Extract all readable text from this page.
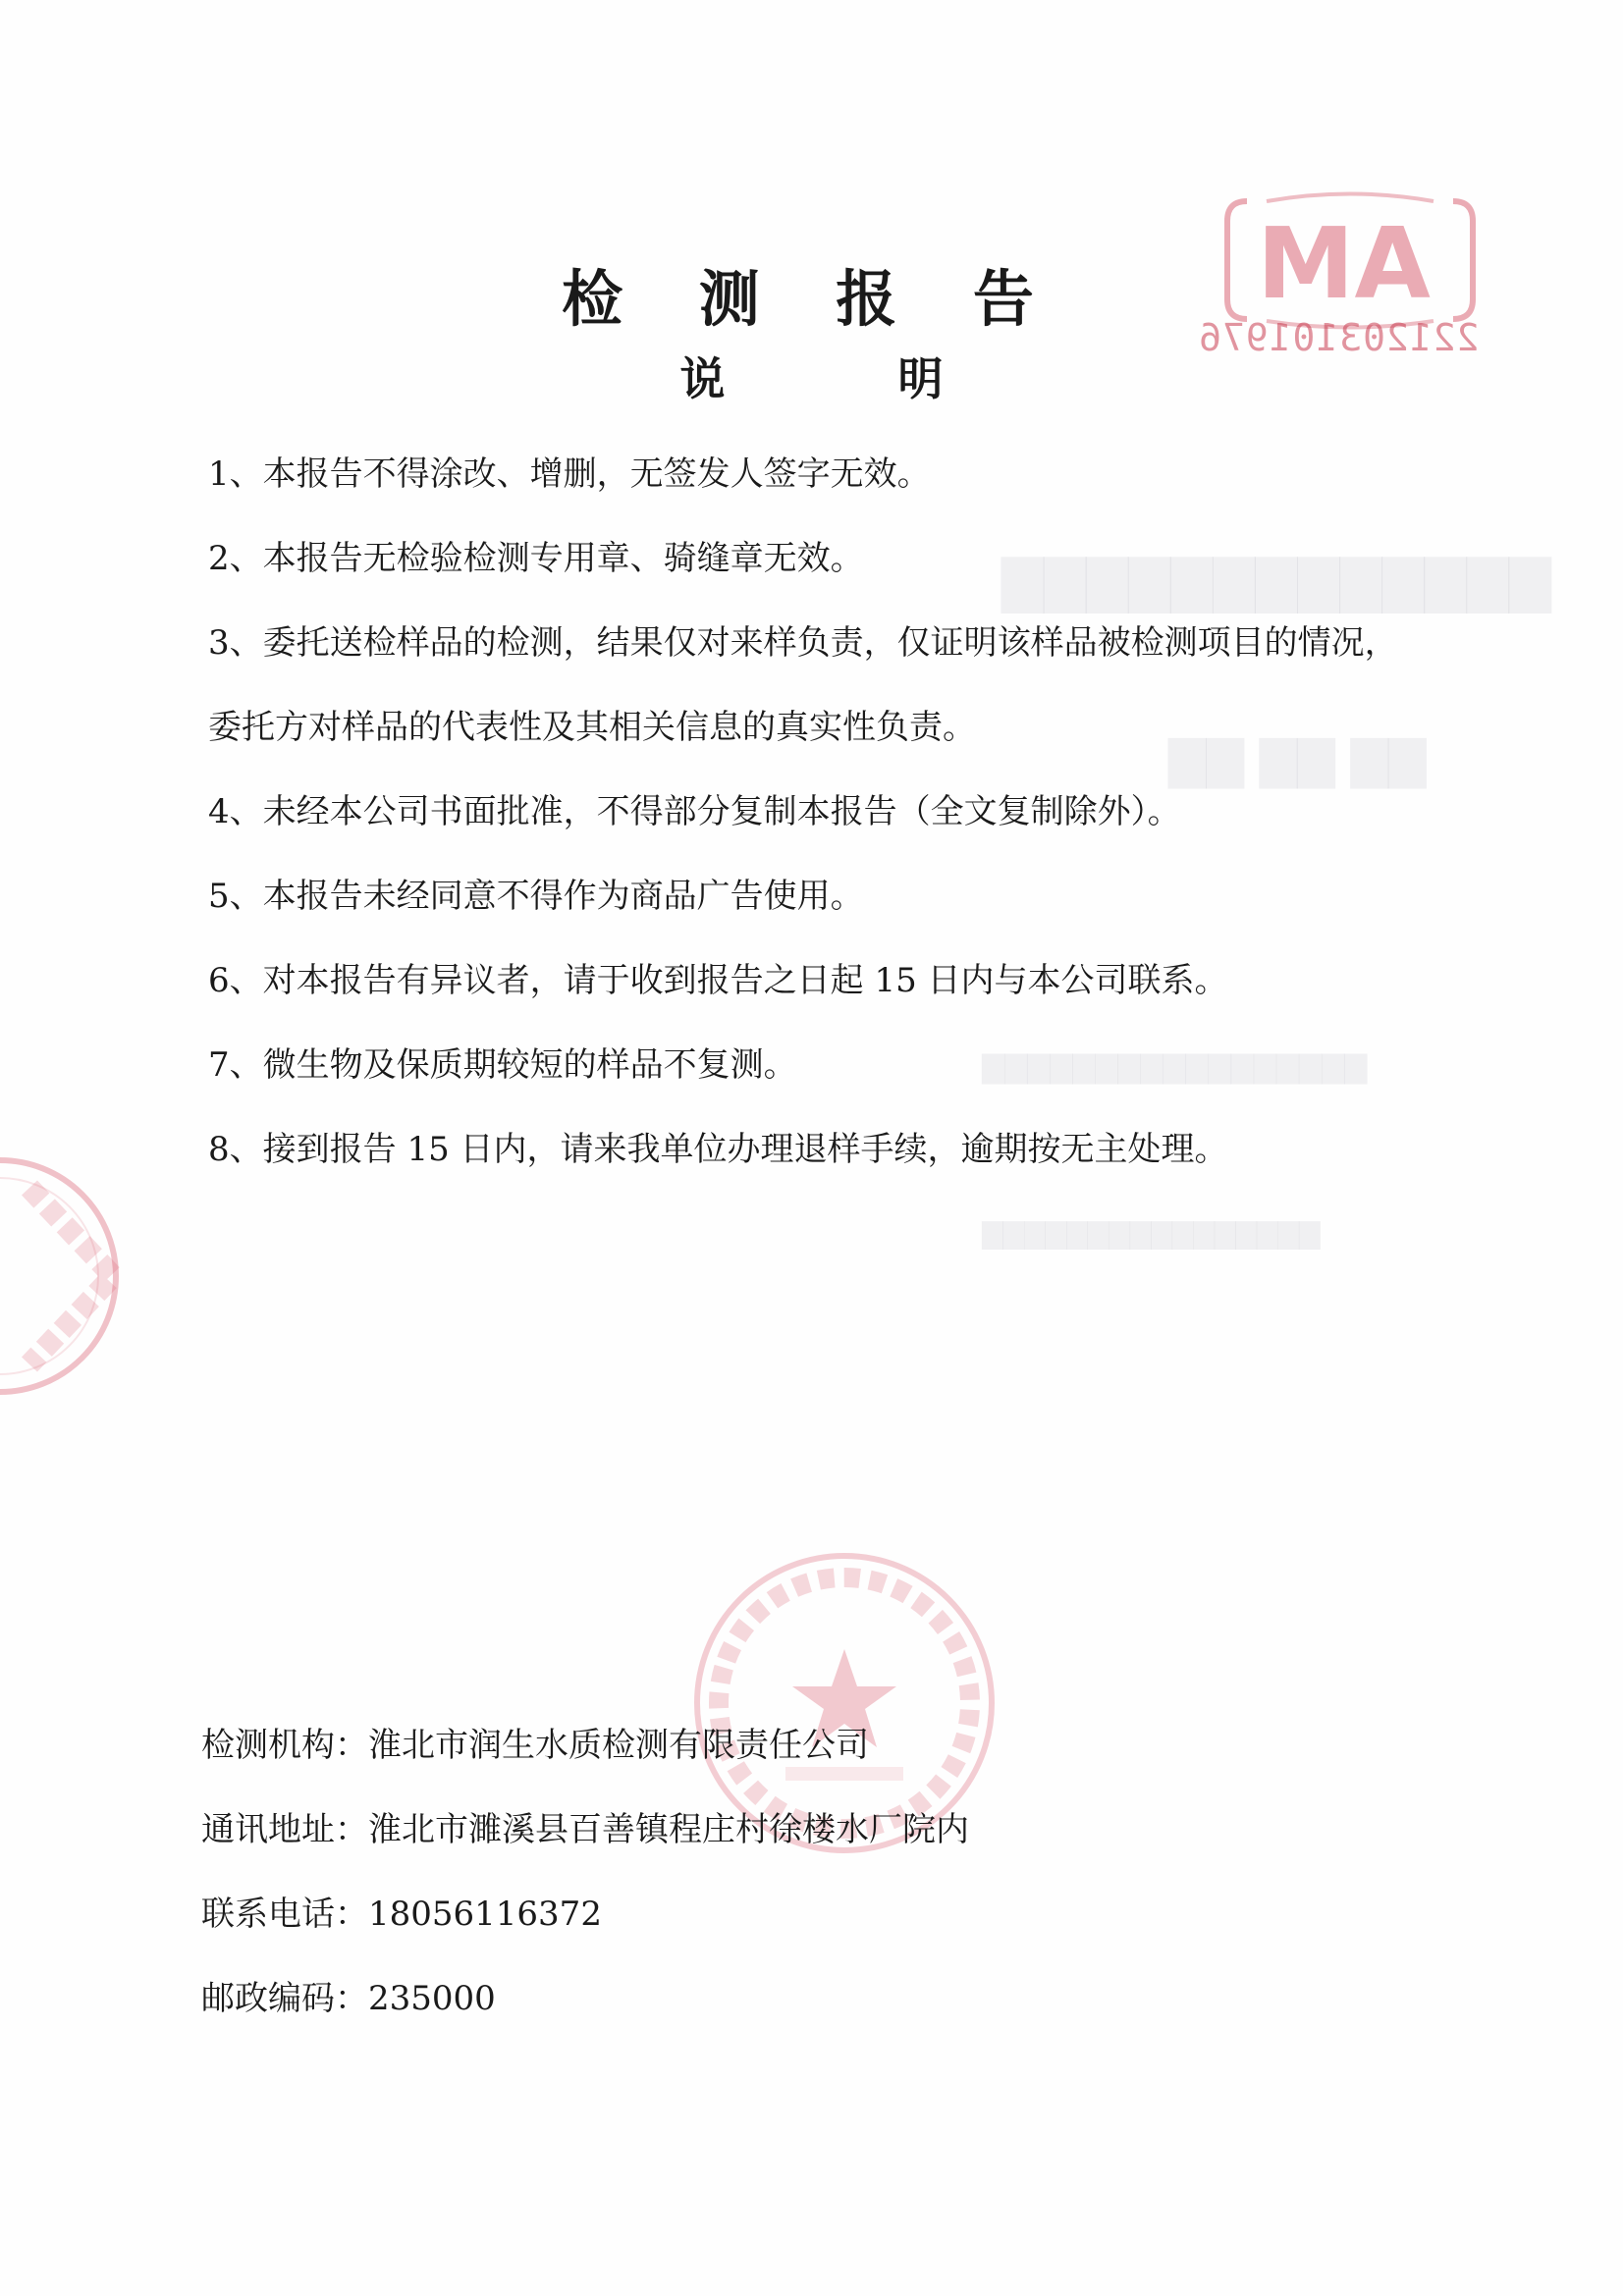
▇▇▇▇▇▇▇▇▇▇▇▇▇
▇▇ ▇▇ ▇▇
▇▇▇▇▇▇▇▇▇▇▇▇▇▇▇▇▇
▇▇▇▇▇▇▇▇▇▇▇▇▇▇▇▇
MA
221203101976
检 测 报 告
说 明
1、本报告不得涂改、增删，无签发人签字无效。
2、本报告无检验检测专用章、骑缝章无效。
3、委托送检样品的检测，结果仅对来样负责，仅证明该样品被检测项目的情况，
委托方对样品的代表性及其相关信息的真实性负责。
4、未经本公司书面批准，不得部分复制本报告（全文复制除外）。
5、本报告未经同意不得作为商品广告使用。
6、对本报告有异议者，请于收到报告之日起 15 日内与本公司联系。
7、微生物及保质期较短的样品不复测。
8、接到报告 15 日内，请来我单位办理退样手续，逾期按无主处理。
检测机构：淮北市润生水质检测有限责任公司
通讯地址：淮北市濉溪县百善镇程庄村徐楼水厂院内
联系电话：18056116372
邮政编码：235000
